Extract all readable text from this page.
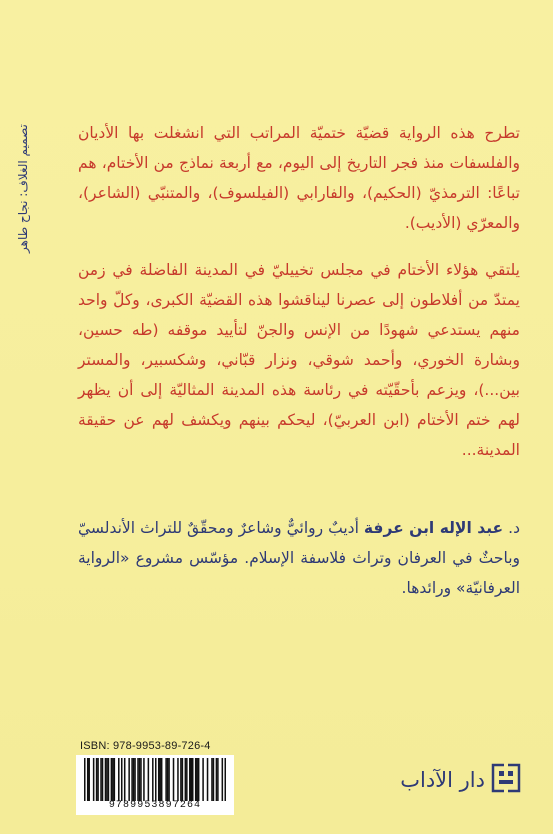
تصميم الغلاف: نجاح طاهر	تطرح هذه الرواية قضيّة ختميّة المراتب التي انشغلت بها الأديان والفلسفات منذ فجر التاريخ إلى اليوم، مع أربعة نماذج من الأختام، هم تباعًا: الترمذيّ (الحكيم)، والفارابي (الفيلسوف)، والمتنبّي (الشاعر)، والمعرّي (الأديب).

يلتقي هؤلاء الأختام في مجلس تخييليّ في المدينة الفاضلة في زمن يمتدّ من أفلاطون إلى عصرنا ليناقشوا هذه القضيّة الكبرى، وكلّ واحد منهم يستدعي شهودًا من الإنس والجنّ لتأييد موقفه (طه حسين، وبشارة الخوري، وأحمد شوقي، ونزار قبّاني، وشكسبير، والمستر بين...)، ويزعم بأحقّيّته في رئاسة هذه المدينة المثاليّة إلى أن يظهر لهم ختم الأختام (ابن العربيّ)، ليحكم بينهم ويكشف لهم عن حقيقة المدينة...

د. عبد الإله ابن عرفة أديبٌ روائيٌّ وشاعرٌ ومحقّقٌ للتراث الأندلسيّ وباحثٌ في العرفان وتراث فلاسفة الإسلام. مؤسّس مشروع «الرواية العرفانيّة» ورائدها.

ISBN: 978-9953-89-726-4
9789953897264
دار الآداب
